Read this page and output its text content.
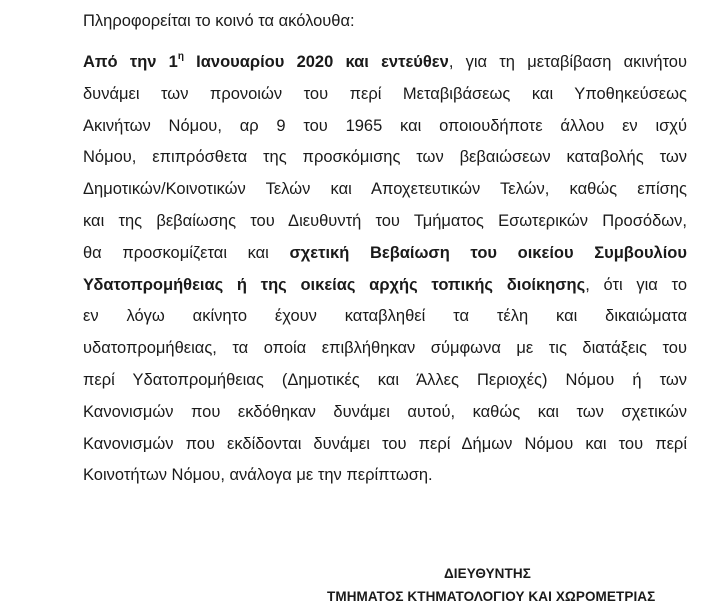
Πληροφορείται το κοινό τα ακόλουθα:

Από την $1^\eta$ Ιανουαρίου 2020 και εντεύθεν, για τη μεταβίβαση ακινήτου
δυνάμει των προνοιών του περί Μεταβιβάσεως και Υποθηκεύσεως
Ακινήτων Νόμου, αρ 9 του 1965 και οποιουδήποτε άλλου εν ισχύ
Νόμου, επιπρόσθετα της προσκόμισης των βεβαιώσεων καταβολής των
Δημοτικών/Κοινοτικών Τελών και Αποχετευτικών Τελών, καθώς επίσης
και της βεβαίωσης του Διευθυντή του Τμήματος Εσωτερικών Προσόδων,
θα προσκομίζεται και σχετική Βεβαίωση του οικείου Συμβουλίου
Υδατοπρομήθειας ή της οικείας αρχής τοπικής διοίκησης, ότι για το
εν λόγω ακίνητο έχουν καταβληθεί τα τέλη και δικαιώματα
υδατοπρομήθειας, τα οποία επιβλήθηκαν σύμφωνα με τις διατάξεις του
περί Υδατοπρομήθειας (Δημοτικές και Άλλες Περιοχές) Νόμου ή των
Κανονισμών που εκδόθηκαν δυνάμει αυτού, καθώς και των σχετικών
Κανονισμών που εκδίδονται δυνάμει του περί Δήμων Νόμου και του περί
Κοινοτήτων Νόμου, ανάλογα με την περίπτωση.
ΔΙΕΥΘΥΝΤΗΣ
ΤΜΗΜΑΤΟΣ ΚΤΗΜΑΤΟΛΟΓΙΟΥ ΚΑΙ ΧΩΡΟΜΕΤΡΙΑΣ
